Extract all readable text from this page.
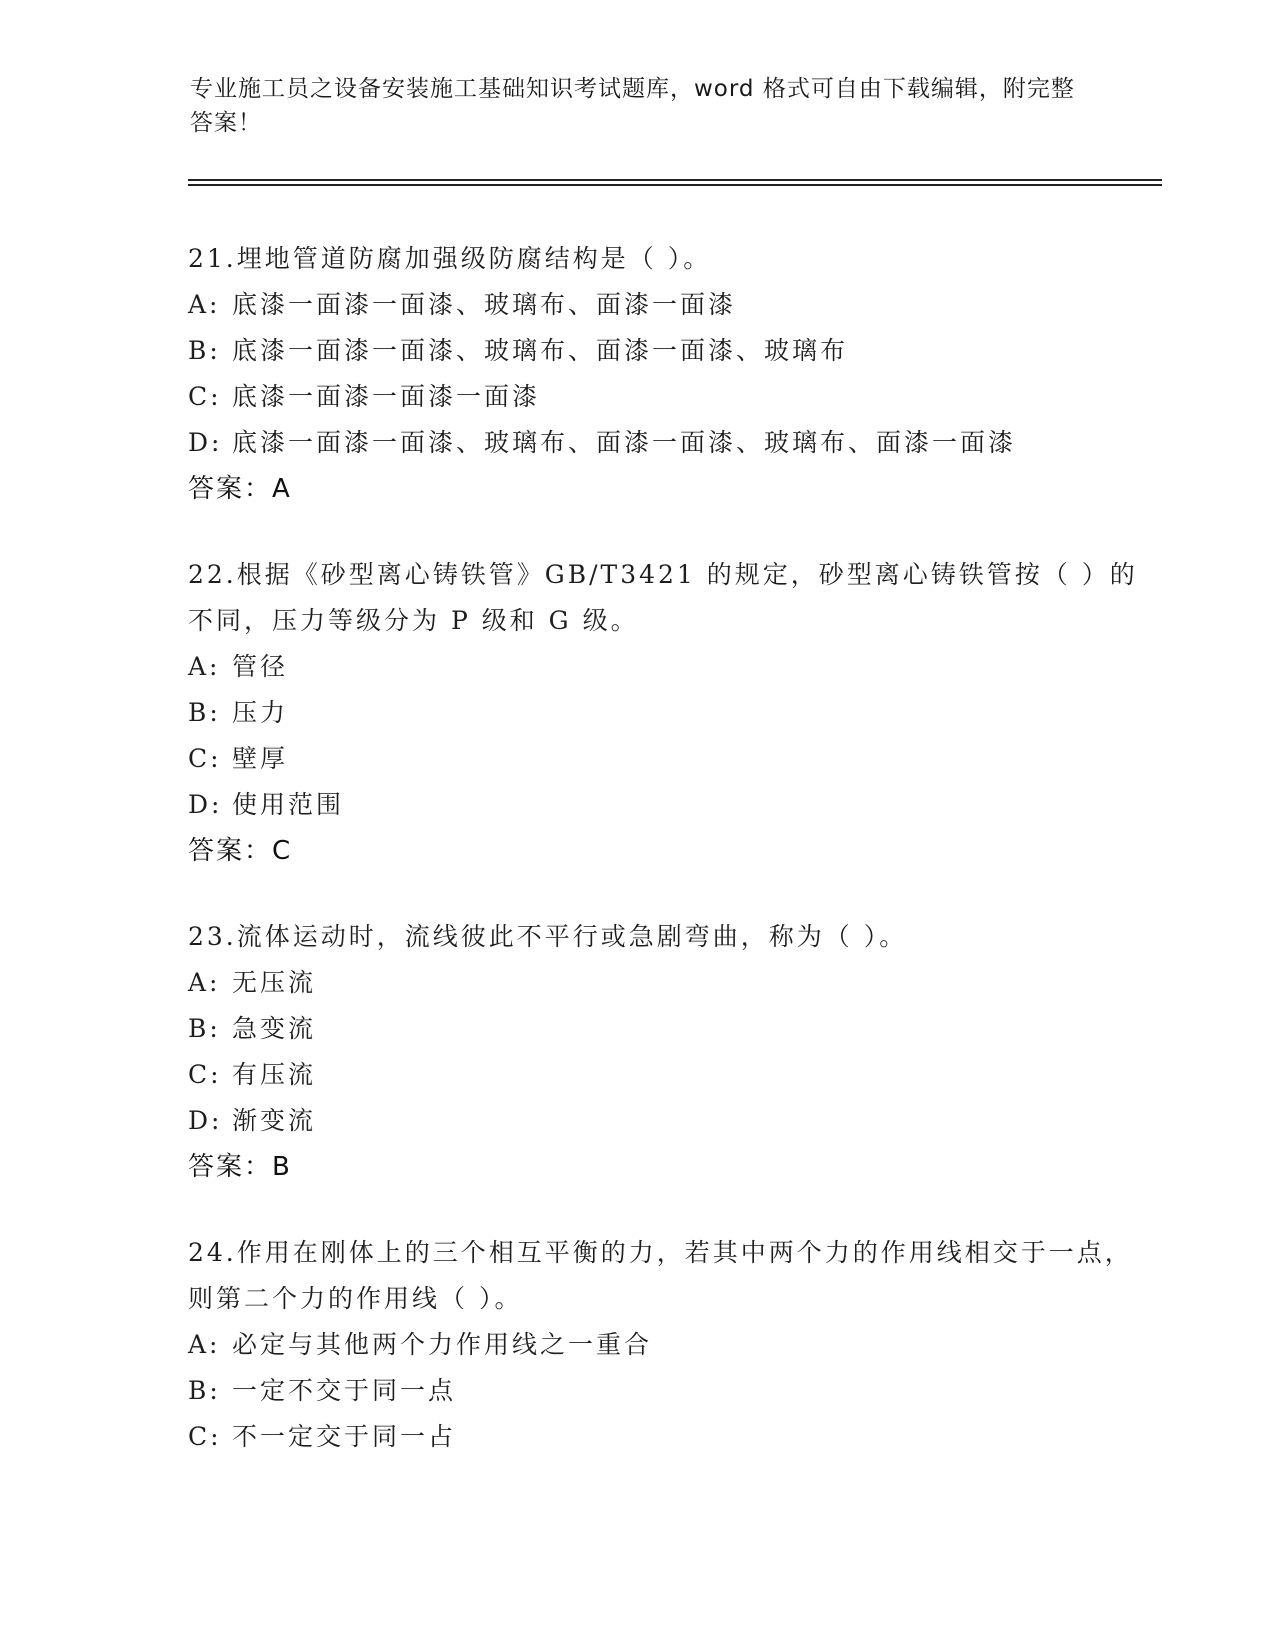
专业施工员之设备安装施工基础知识考试题库，word 格式可自由下载编辑，附完整答案！
21.埋地管道防腐加强级防腐结构是（ ）。
A: 底漆一面漆一面漆、玻璃布、面漆一面漆
B: 底漆一面漆一面漆、玻璃布、面漆一面漆、玻璃布
C: 底漆一面漆一面漆一面漆
D: 底漆一面漆一面漆、玻璃布、面漆一面漆、玻璃布、面漆一面漆
答案：A
22.根据《砂型离心铸铁管》GB/T3421 的规定，砂型离心铸铁管按（ ）的不同，压力等级分为 P 级和 G 级。
A: 管径
B: 压力
C: 壁厚
D: 使用范围
答案：C
23.流体运动时，流线彼此不平行或急剧弯曲，称为（ ）。
A: 无压流
B: 急变流
C: 有压流
D: 渐变流
答案：B
24.作用在刚体上的三个相互平衡的力，若其中两个力的作用线相交于一点，则第二个力的作用线（ ）。
A: 必定与其他两个力作用线之一重合
B: 一定不交于同一点
C: 不一定交于同一占
